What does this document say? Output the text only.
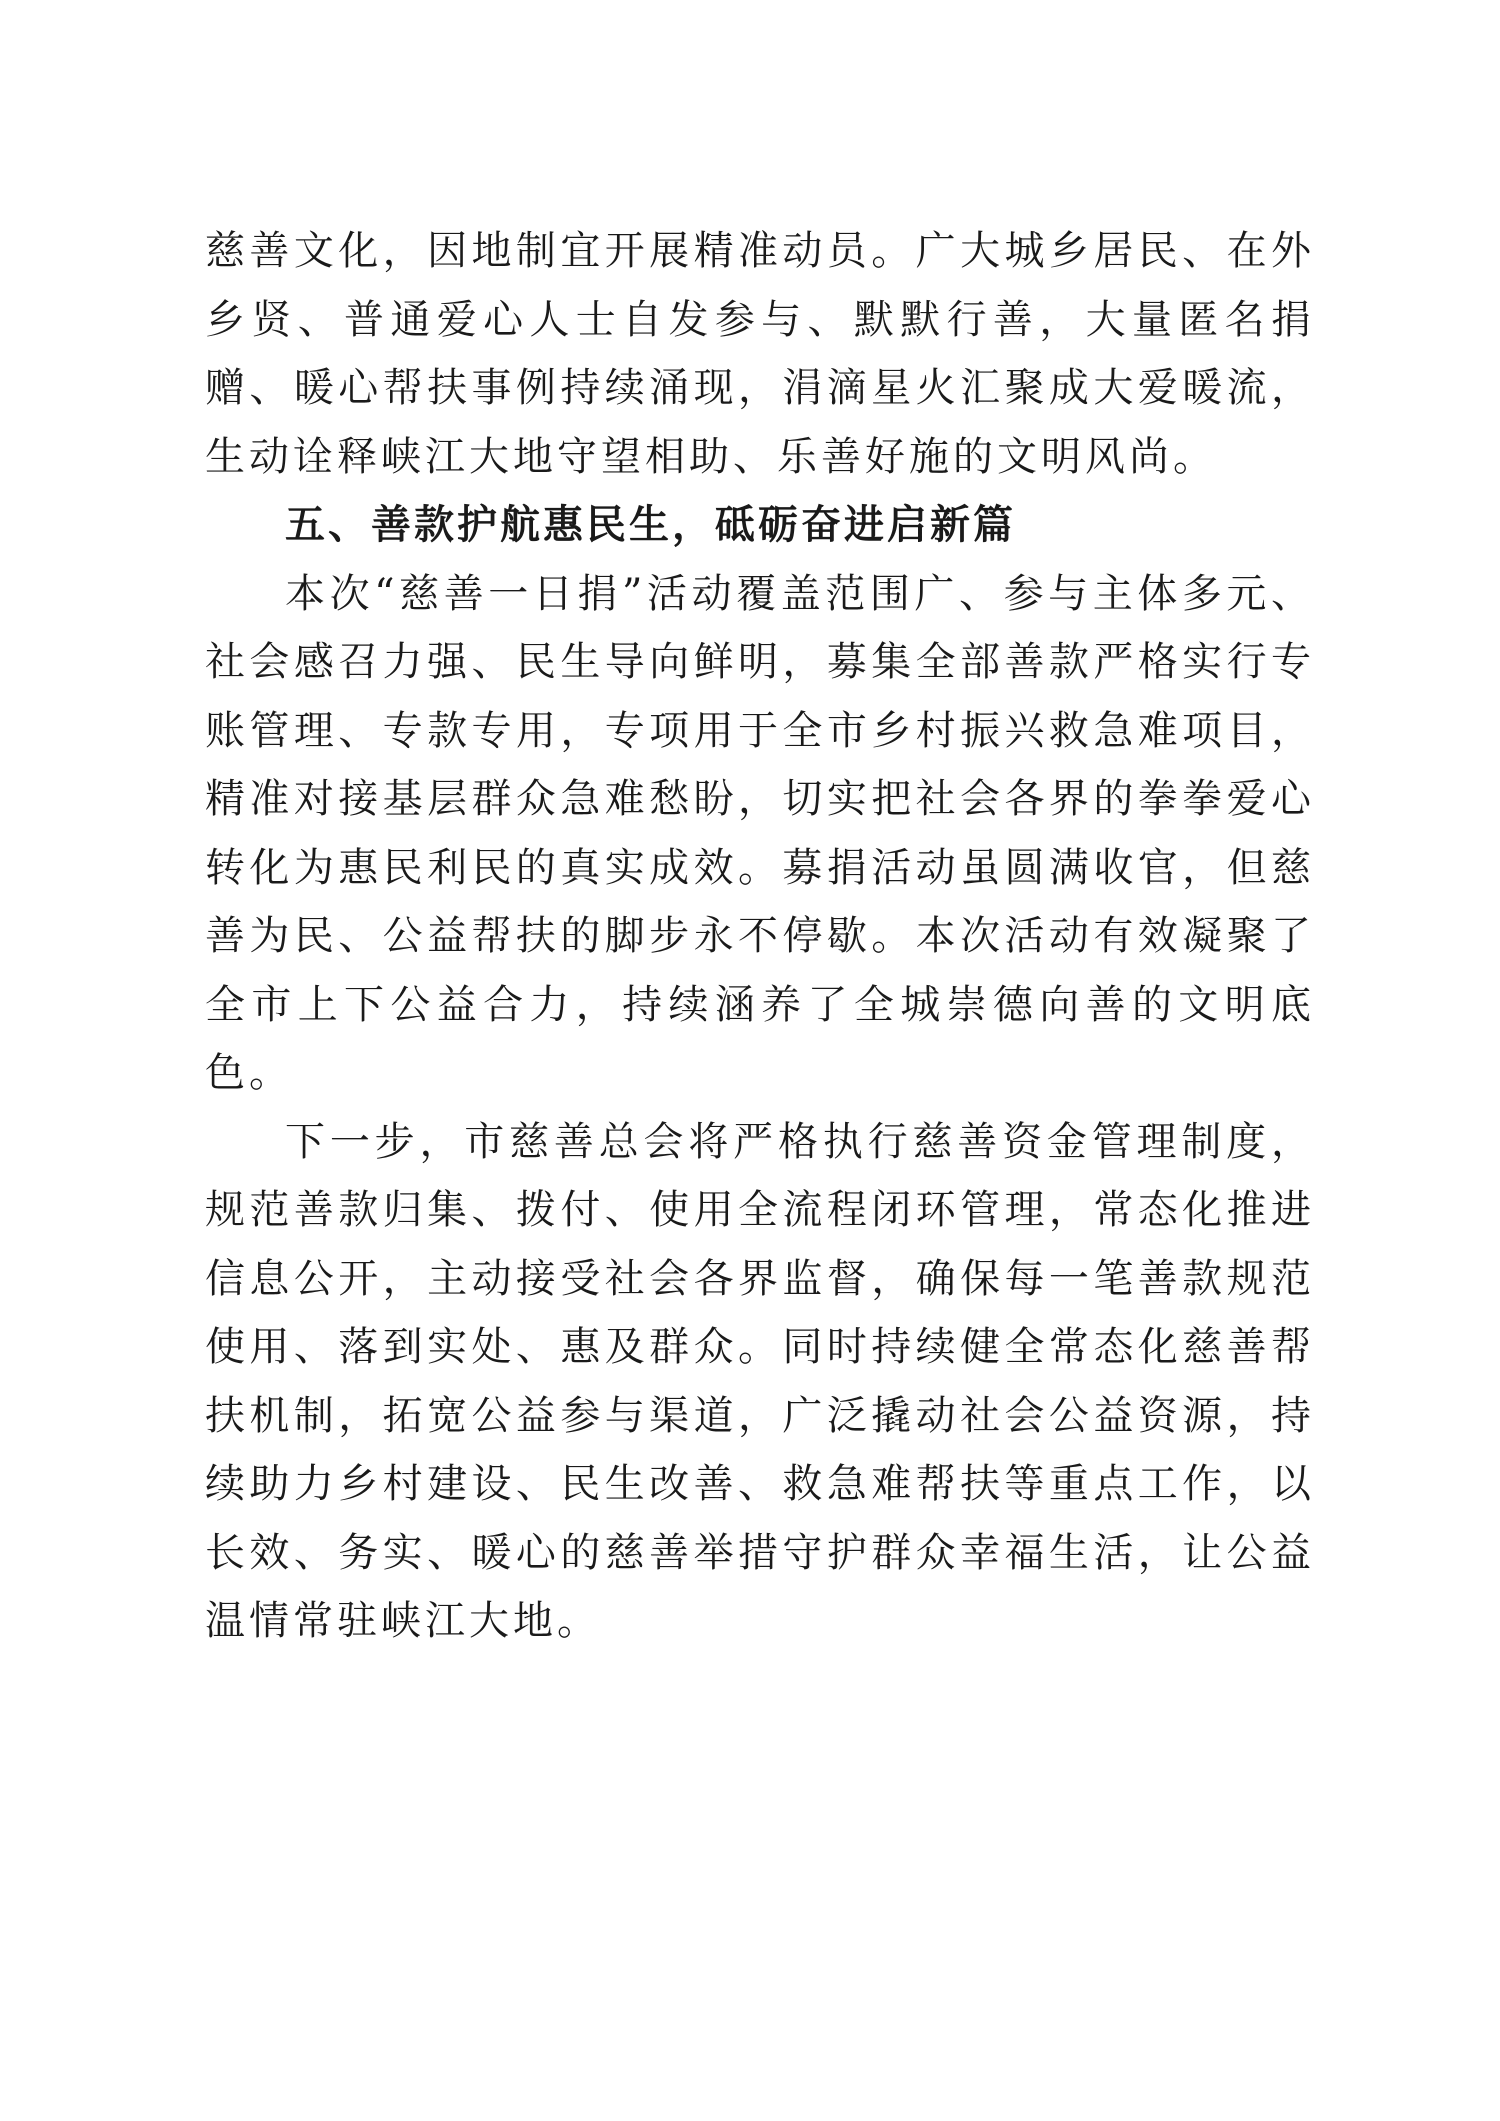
慈善文化，因地制宜开展精准动员。广大城乡居民、在外乡贤、普通爱心人士自发参与、默默行善，大量匿名捐赠、暖心帮扶事例持续涌现，涓滴星火汇聚成大爱暖流，生动诠释峡江大地守望相助、乐善好施的文明风尚。

五、善款护航惠民生，砥砺奋进启新篇

本次“慈善一日捐”活动覆盖范围广、参与主体多元、社会感召力强、民生导向鲜明，募集全部善款严格实行专账管理、专款专用，专项用于全市乡村振兴救急难项目，精准对接基层群众急难愁盼，切实把社会各界的拳拳爱心转化为惠民利民的真实成效。募捐活动虽圆满收官，但慈善为民、公益帮扶的脚步永不停歇。本次活动有效凝聚了全市上下公益合力，持续涵养了全城崇德向善的文明底色。

下一步，市慈善总会将严格执行慈善资金管理制度，规范善款归集、拨付、使用全流程闭环管理，常态化推进信息公开，主动接受社会各界监督，确保每一笔善款规范使用、落到实处、惠及群众。同时持续健全常态化慈善帮扶机制，拓宽公益参与渠道，广泛撬动社会公益资源，持续助力乡村建设、民生改善、救急难帮扶等重点工作，以长效、务实、暖心的慈善举措守护群众幸福生活，让公益温情常驻峡江大地。
